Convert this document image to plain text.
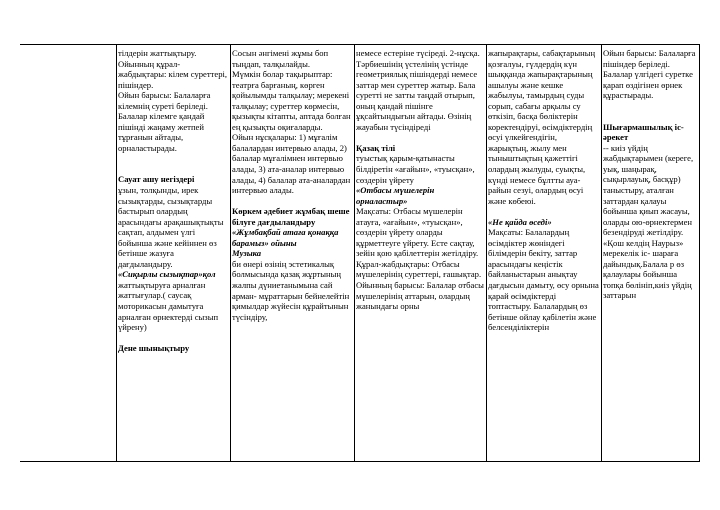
тілдерін жаттықтыру.

Ойынның құрал-жабдықтары: кілем суреттері, пішіндер.

Ойын барысы: Балаларға кілемнің суреті беріледі. Балалар кілемге қандай пішінді жаңаму жетпей тұрғанын айтады, орналастырады.

Сауат ашу негіздері

ұзын, толқынды, ирек сызықтарды, сызықтарды бастырып олардың арасындағы арақашықтықты сақтап, алдымен үлгі бойынша және кейіннен өз бетінше жазуға дағдыландыру.

«Сиқырлы сызықтар»қол

жаттықтыруға арналған жаттығулар.( саусақ моторикасын дамытуға арналған өрнектерді сызып үйрену)

Дене шынықтыру

Сосын әнгімені жұмы боп тыңдап, талқылайды.

Мүмкін болар тақырыптар: театрға барғаның, көрген қойылымды талқылау; мерекені талқылау; суреттер көрмесін, қызықты кітапты, аптада болған ең қызықты оқиғаларды.

Ойын нұсқалары: 1) мұғалім балалардан интервью алады, 2) балалар мұғалімнен интервью алады, 3) ата-аналар интервью алады, 4) балалар ата-аналардан интервью алады.

Көркем әдебиет жұмбақ шеше білуге дағдыландыру

«Жұмбақбай атаға қонаққа барамыз» ойыны

Музыка

би өнері өзінің эстетикалық болмысында қазақ жұртының жалпы дүниетанымына сай арман- мұраттарын бейнелейтін қимылдар жүйесін құрайтынын түсіндіру,

немесе естеріне түсіреді. 2-нұсқа.

Тәрбиешінің үстелінің үстінде геометриялық пішіндерді немесе заттар мен суреттер жатыр. Бала суретті не затты таңдай отырып, оның қандай пішінге ұқсайтындығын айтады. Өзінің жауабын түсіндіреді

Қазақ тілі

туыстық қарым-қатынасты білдіретін «ағайын», «туысқан», сөздерін үйрету

«Отбасы мүшелерін орналастыр»

Мақсаты: Отбасы мүшелерін атауға, «ағайын», «туысқан», сөздерін үйрету оларды құрметтеуге үйрету. Есте сақтау, зейін қою қабілеттерін жетілдіру.

Құрал-жабдықтары: Отбасы мүшелерінің суреттері, ғашықтар.

Ойынның барысы: Балалар отбасы мүшелерінің аттарын, олардың жанындағы орны

жапырақтары, сабақтарының қозғалуы, гүлдердің күн шыққанда жапырақтарының ашылуы және кешке жабылуы, тамырдың суды сорып, сабағы арқылы су өткізіп, басқа бөліктерін коректендіруі, өсімдіктердің өсуі үлкейгендігін, жарықтың, жылу мен тыныштықтың қажеттігі олардың жылуды, суықты, күнді немесе бұлтты ауа- райын сезуі, олардың өсуі және көбеюі.

«Не қайда өседі»

Мақсаты: Балалардың өсімдіктер жөніндегі білімдерін бекіту, заттар арасындағы кеңістік байланыстарын анықтау дағдысын дамыту, өсу орнына қарай өсімдіктерді топтастыру. Балалардың өз бетінше ойлау қабілетін және белсенділіктерін

Ойын барысы: Балаларға пішіндер беріледі. Балалар үлгідегі суретке қарап өздігінен өрнек құрастырады.

Шығармашылық іс-әрекет

-- киіз үйдің жабдықтарымен (кереге, уық, шаңырақ, сықырлауық, басқұр) таныстыру, аталған заттардан қалауы бойынша қиып жасауы, оларды ою-өрнектермен безендіруді жетілдіру.

«Қош келдің Наурыз»

мерекелік іс- шараға дайындық.Балала р өз қалаулары бойынша топқа бөлініп,киіз үйдің заттарын
